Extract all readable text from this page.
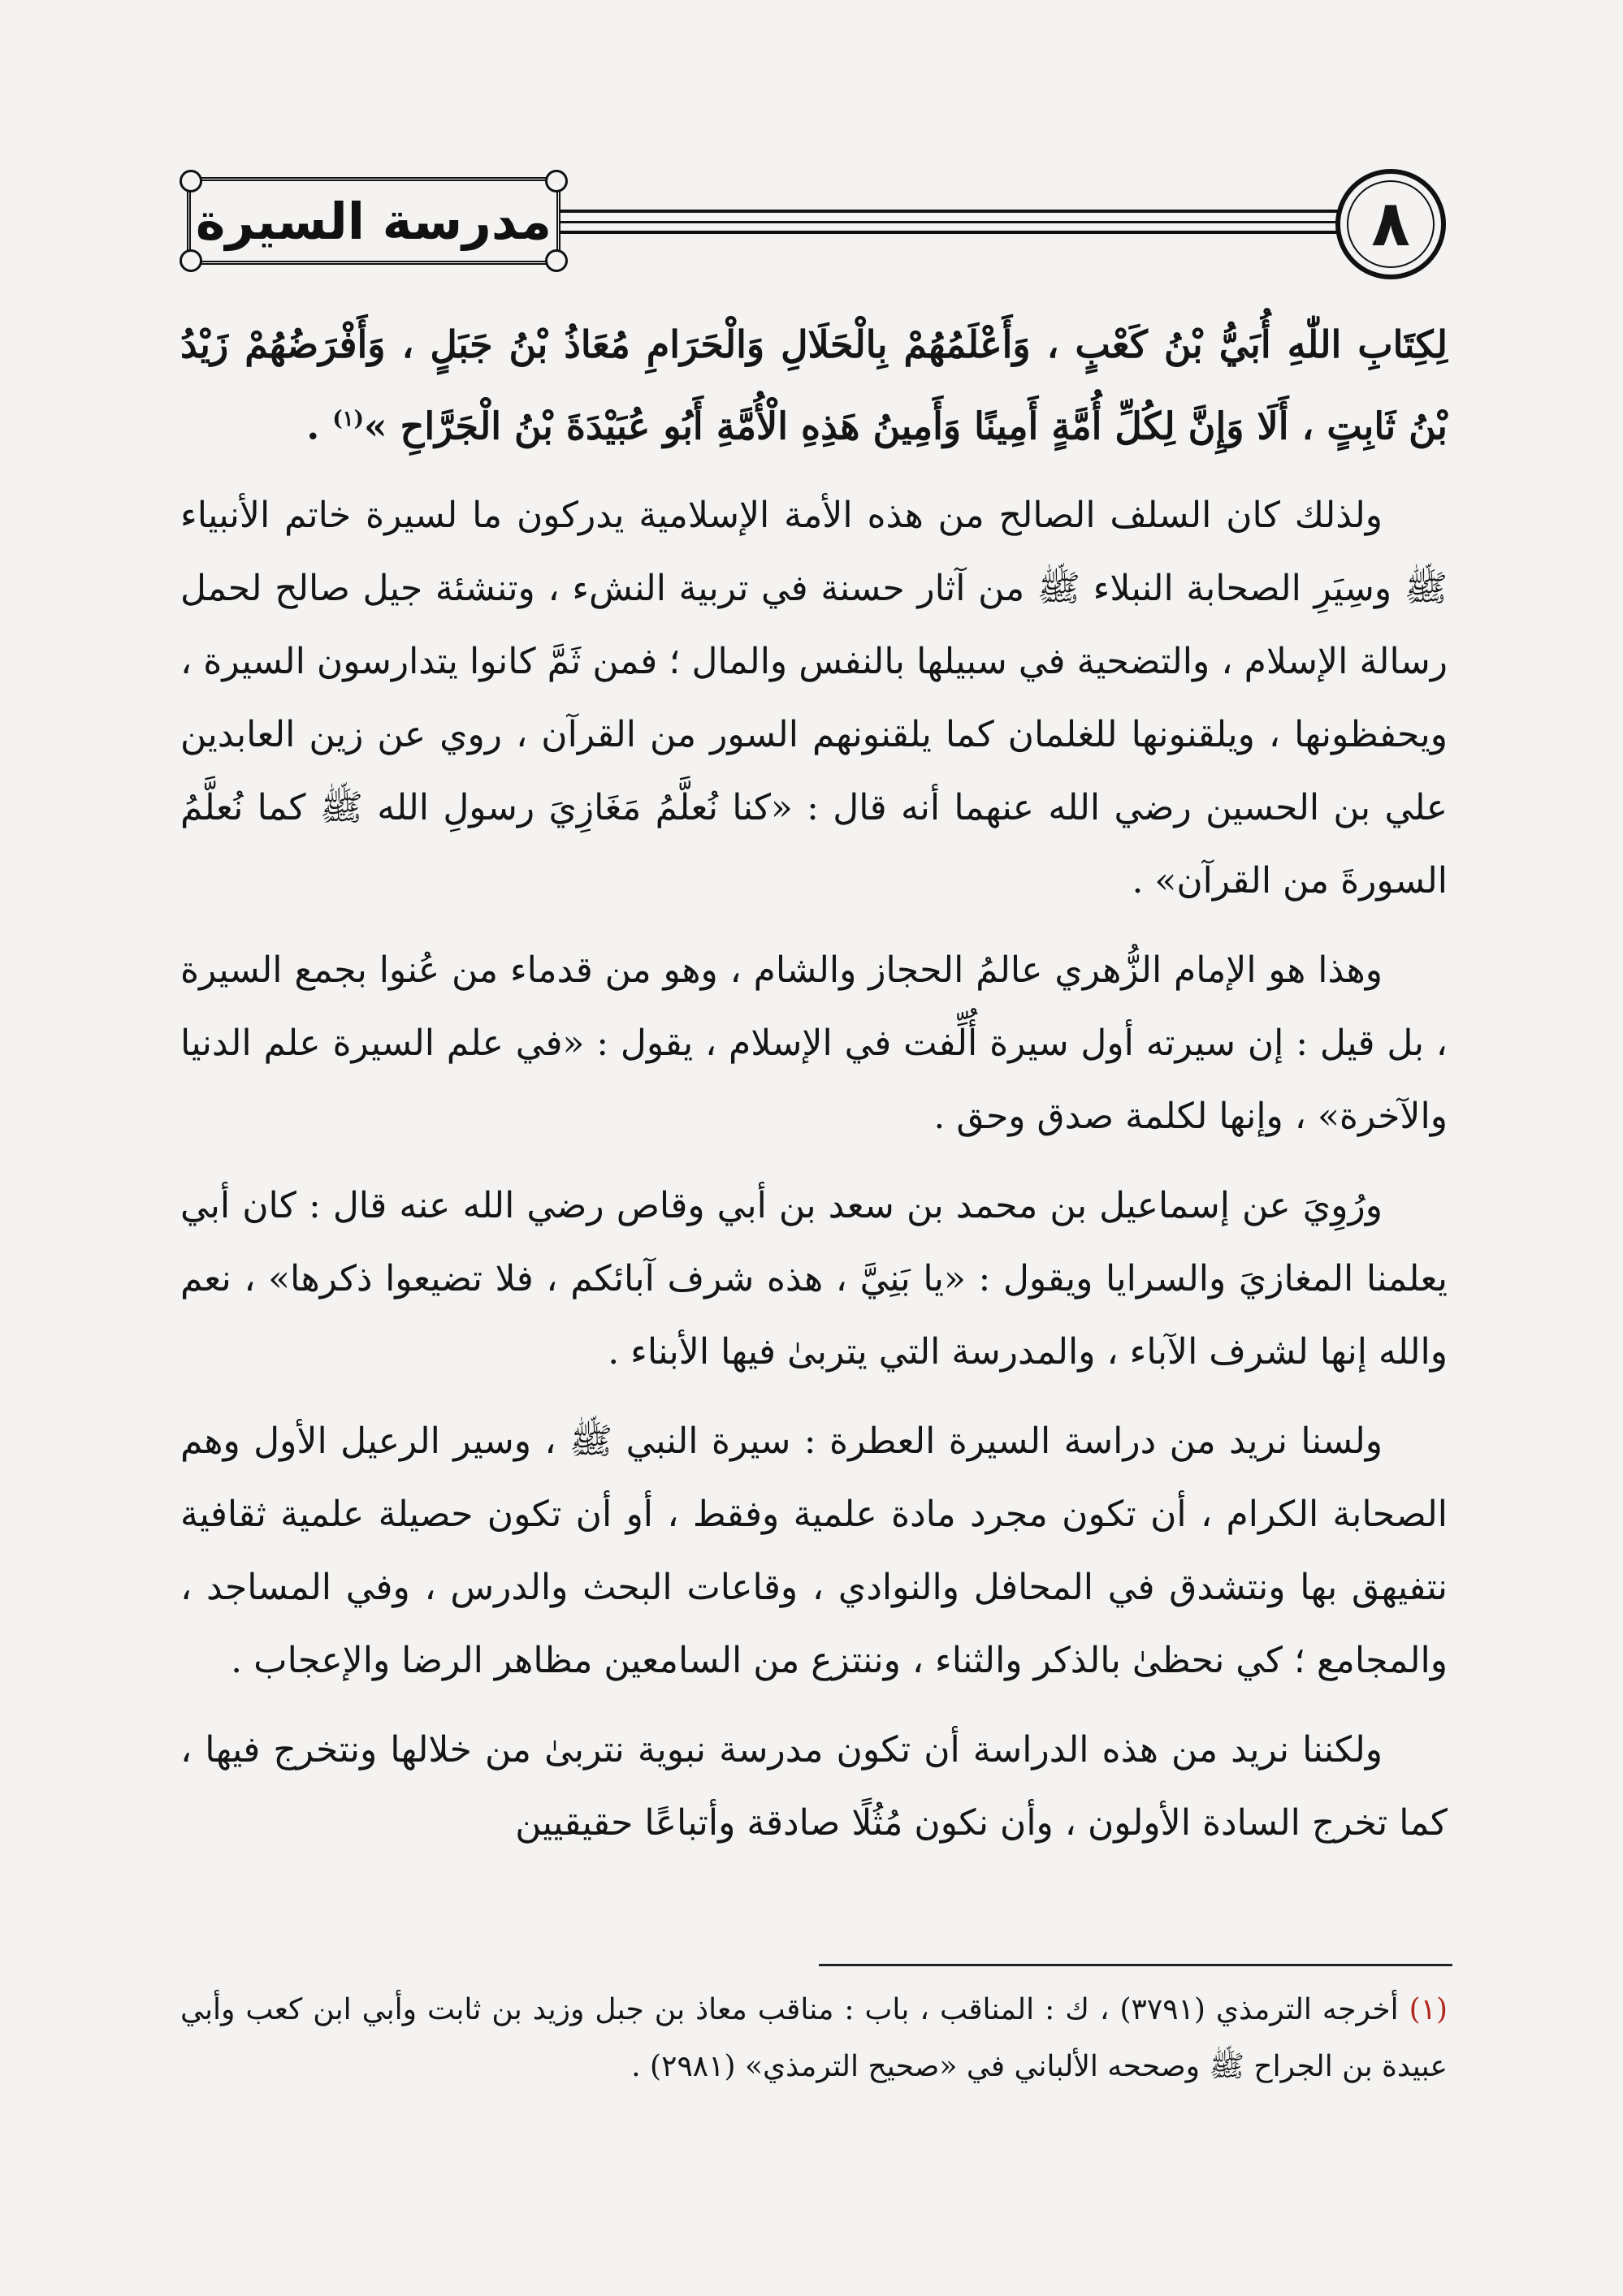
مدرسة السيرة	٨

لِكِتَابِ اللّٰهِ أُبَيُّ بْنُ كَعْبٍ ، وَأَعْلَمُهُمْ بِالْحَلَالِ وَالْحَرَامِ مُعَاذُ بْنُ جَبَلٍ ، وَأَفْرَضُهُمْ زَيْدُ بْنُ ثَابِتٍ ، أَلَا وَإِنَّ لِكُلِّ أُمَّةٍ أَمِينًا وَأَمِينُ هَذِهِ الْأُمَّةِ أَبُو عُبَيْدَةَ بْنُ الْجَرَّاحِ »$^{(١)}$ .

ولذلك كان السلف الصالح من هذه الأمة الإسلامية يدركون ما لسيرة خاتم الأنبياء ﷺ وسِيَرِ الصحابة النبلاء ﷺ من آثار حسنة في تربية النشء ، وتنشئة جيل صالح لحمل رسالة الإسلام ، والتضحية في سبيلها بالنفس والمال ؛ فمن ثَمَّ كانوا يتدارسون السيرة ، ويحفظونها ، ويلقنونها للغلمان كما يلقنونهم السور من القرآن ، روي عن زين العابدين علي بن الحسين رضي الله عنهما أنه قال : «كنا نُعلَّمُ مَغَازِيَ رسولِ الله ﷺ كما نُعلَّمُ السورةَ من القرآن» .

وهذا هو الإمام الزُّهري عالمُ الحجاز والشام ، وهو من قدماء من عُنوا بجمع السيرة ، بل قيل : إن سيرته أول سيرة أُلِّفت في الإسلام ، يقول : «في علم السيرة علم الدنيا والآخرة» ، وإنها لكلمة صدق وحق .

ورُوِيَ عن إسماعيل بن محمد بن سعد بن أبي وقاص رضي الله عنه قال : كان أبي يعلمنا المغازيَ والسرايا ويقول : «يا بَنِيَّ ، هذه شرف آبائكم ، فلا تضيعوا ذكرها» ، نعم والله إنها لشرف الآباء ، والمدرسة التي يتربىٰ فيها الأبناء .

ولسنا نريد من دراسة السيرة العطرة : سيرة النبي ﷺ ، وسير الرعيل الأول وهم الصحابة الكرام ، أن تكون مجرد مادة علمية وفقط ، أو أن تكون حصيلة علمية ثقافية نتفيهق بها ونتشدق في المحافل والنوادي ، وقاعات البحث والدرس ، وفي المساجد ، والمجامع ؛ كي نحظىٰ بالذكر والثناء ، وننتزع من السامعين مظاهر الرضا والإعجاب .

ولكننا نريد من هذه الدراسة أن تكون مدرسة نبوية نتربىٰ من خلالها ونتخرج فيها ، كما تخرج السادة الأولون ، وأن نكون مُثُلًا صادقة وأتباعًا حقيقيين

(١) أخرجه الترمذي (٣٧٩١) ، ك : المناقب ، باب : مناقب معاذ بن جبل وزيد بن ثابت وأبي ابن كعب وأبي عبيدة بن الجراح ﷺ وصححه الألباني في «صحيح الترمذي» (٢٩٨١) .
